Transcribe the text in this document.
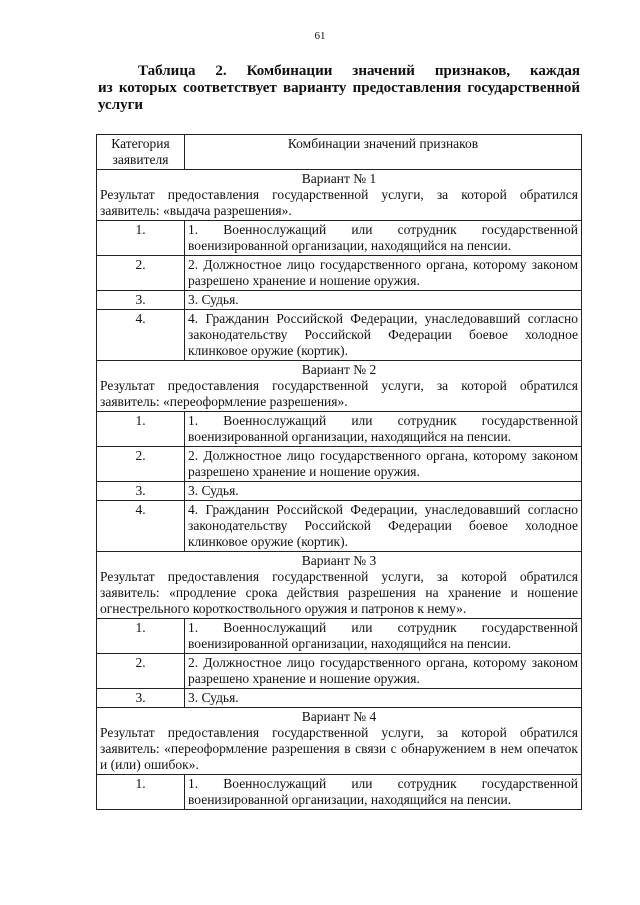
61
Таблица 2. Комбинации значений признаков, каждая
из которых соответствует варианту предоставления государственной
услуги
Категория
заявителя	Комбинации значений признаков

Вариант № 1
Результат предоставления государственной услуги, за которой обратился заявитель: «выдача разрешения».	

1.	1. Военнослужащий или сотрудник государственной военизированной организации, находящийся на пенсии.
2.	2. Должностное лицо государственного органа, которому законом разрешено хранение и ношение оружия.
3.	3. Судья.
4.	4. Гражданин Российской Федерации, унаследовавший согласно законодательству Российской Федерации боевое холодное клинковое оружие (кортик).

Вариант № 2
Результат предоставления государственной услуги, за которой обратился заявитель: «переоформление разрешения».	

1.	1. Военнослужащий или сотрудник государственной военизированной организации, находящийся на пенсии.
2.	2. Должностное лицо государственного органа, которому законом разрешено хранение и ношение оружия.
3.	3. Судья.
4.	4. Гражданин Российской Федерации, унаследовавший согласно законодательству Российской Федерации боевое холодное клинковое оружие (кортик).

Вариант № 3
Результат предоставления государственной услуги, за которой обратился заявитель: «продление срока действия разрешения на хранение и ношение огнестрельного короткоствольного оружия и патронов к нему».	

1.	1. Военнослужащий или сотрудник государственной военизированной организации, находящийся на пенсии.
2.	2. Должностное лицо государственного органа, которому законом разрешено хранение и ношение оружия.
3.	3. Судья.

Вариант № 4
Результат предоставления государственной услуги, за которой обратился заявитель: «переоформление разрешения в связи с обнаружением в нем опечаток и (или) ошибок».	

1.	1. Военнослужащий или сотрудник государственной военизированной организации, находящийся на пенсии.
